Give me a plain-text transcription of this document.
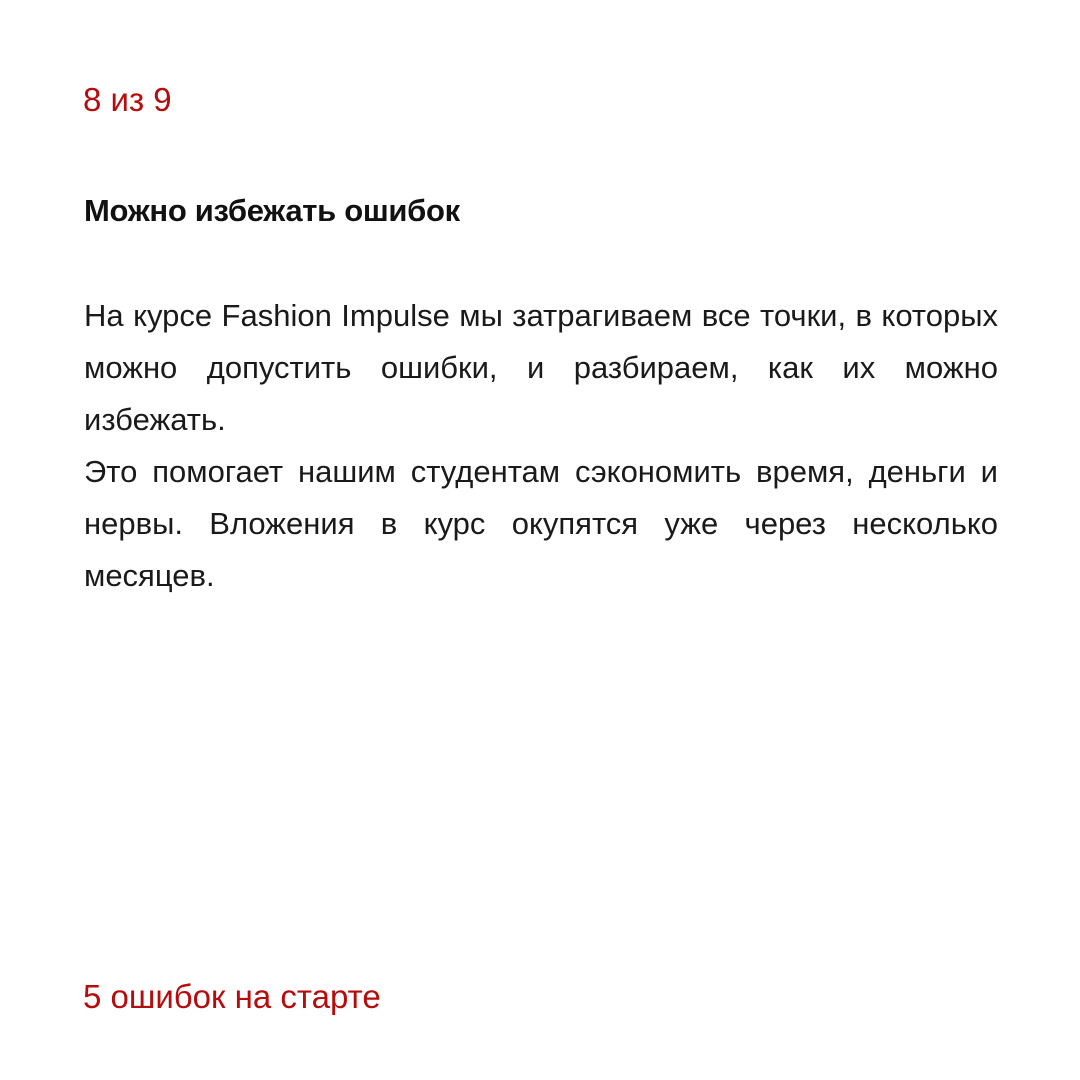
8 из 9
Можно избежать ошибок

На курсе Fashion Impulse мы затрагиваем все точки, в которых можно допустить ошибки, и разбираем, как их можно избежать.

Это помогает нашим студентам сэкономить время, деньги и нервы. Вложения в курс окупятся уже через несколько месяцев.

5 ошибок на старте
